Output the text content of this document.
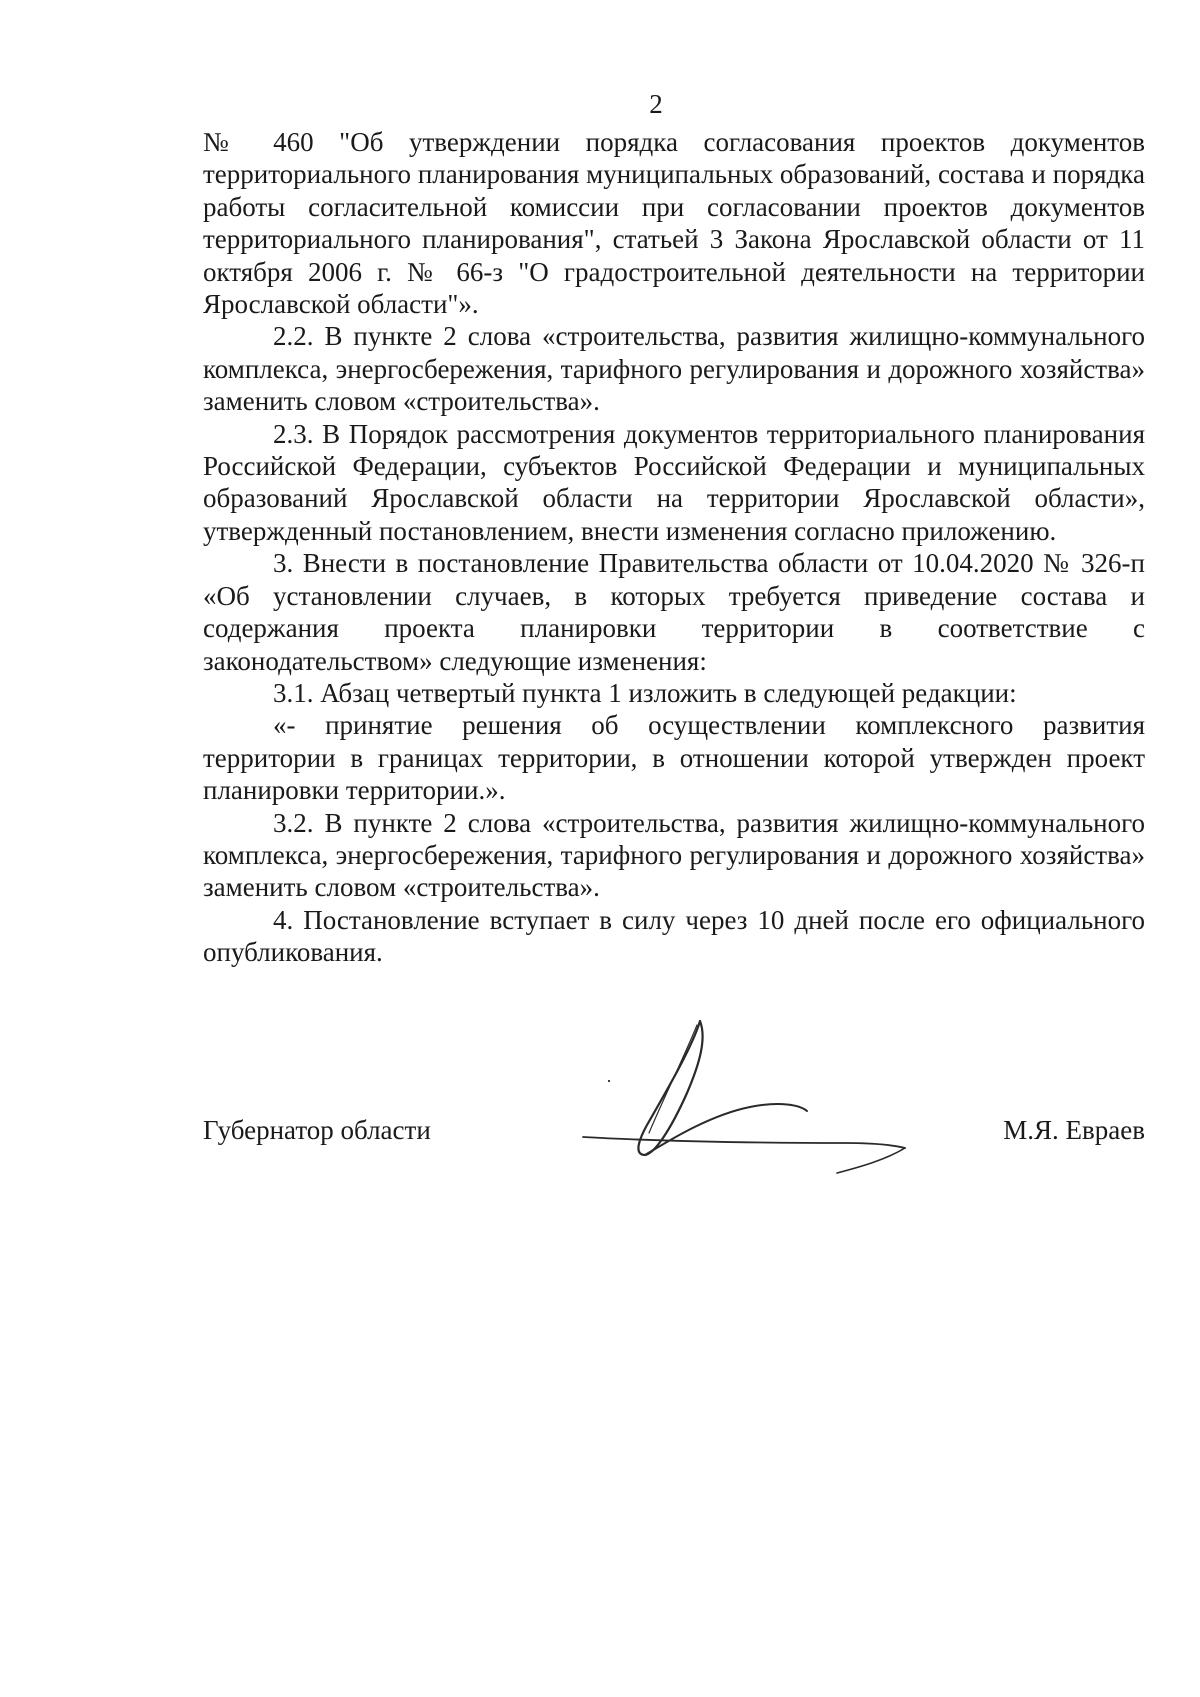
2

№ 460 "Об утверждении порядка согласования проектов документов территориального планирования муниципальных образований, состава и порядка работы согласительной комиссии при согласовании проектов документов территориального планирования", статьей 3 Закона Ярославской области от 11 октября 2006 г. № 66-з "О градостроительной деятельности на территории Ярославской области"».

2.2. В пункте 2 слова «строительства, развития жилищно-коммунального комплекса, энергосбережения, тарифного регулирования и дорожного хозяйства» заменить словом «строительства».

2.3. В Порядок рассмотрения документов территориального планирования Российской Федерации, субъектов Российской Федерации и муниципальных образований Ярославской области на территории Ярославской области», утвержденный постановлением, внести изменения согласно приложению.

3. Внести в постановление Правительства области от 10.04.2020 № 326-п «Об установлении случаев, в которых требуется приведение состава и содержания проекта планировки территории в соответствие с законодательством» следующие изменения:

3.1. Абзац четвертый пункта 1 изложить в следующей редакции:

«- принятие решения об осуществлении комплексного развития территории в границах территории, в отношении которой утвержден проект планировки территории.».

3.2. В пункте 2 слова «строительства, развития жилищно-коммунального комплекса, энергосбережения, тарифного регулирования и дорожного хозяйства» заменить словом «строительства».

4. Постановление вступает в силу через 10 дней после его официального опубликования.

Губернатор области	М.Я. Евраев
